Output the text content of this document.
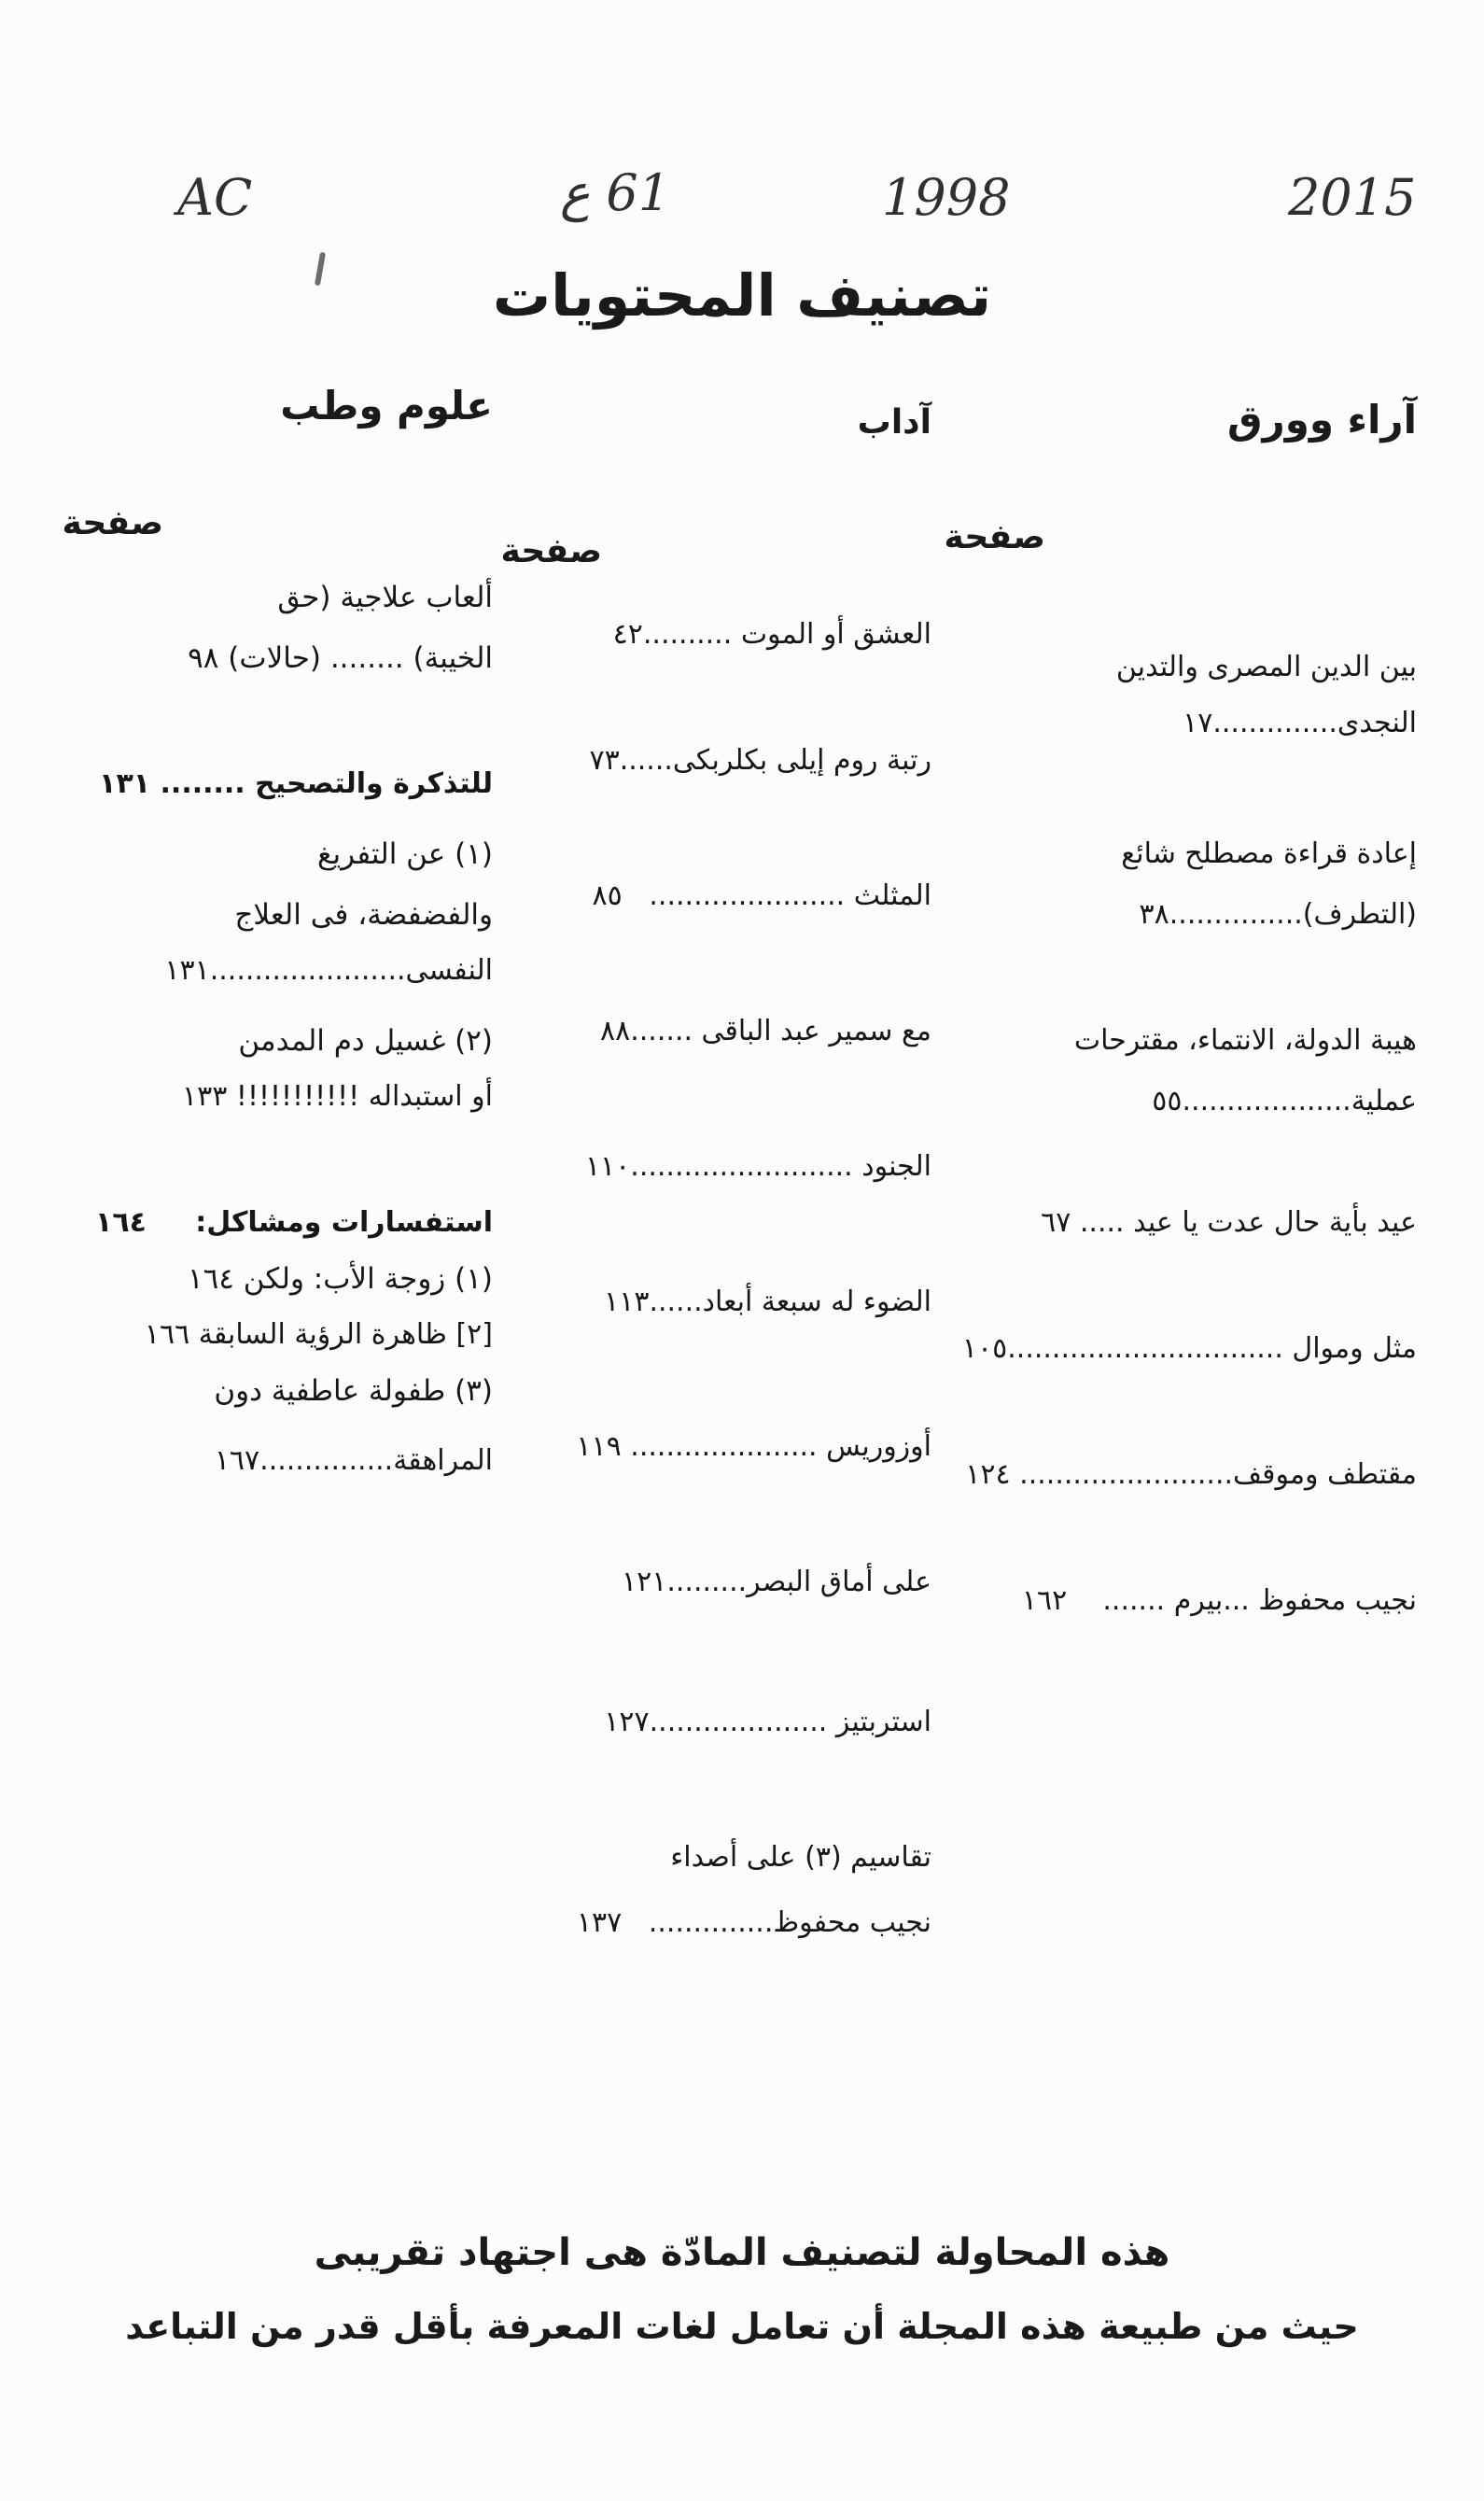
AC	61 ع	1998	2015
تصنيف المحتويات
آراء وورق
آداب
علوم وطب
صفحة
صفحة
صفحة
بين الدين المصرى والتدين
النجدى..............١٧
إعادة قراءة مصطلح شائع
(التطرف)...............٣٨
هيبة الدولة، الانتماء، مقترحات
عملية...................٥٥
عيد بأية حال عدت يا عيد ..... ٦٧
مثل وموال ...............................١٠٥
مقتطف وموقف........................ ١٢٤
نجيب محفوظ ...بيرم .......    ١٦٢
العشق أو الموت ..........٤٢
رتبة روم إيلى بكلربكى......٧٣
المثلث ......................   ٨٥
مع سمير عبد الباقى .......٨٨
الجنود .........................١١٠
الضوء له سبعة أبعاد......١١٣
أوزوريس ..................... ١١٩
على أماق البصر.........١٢١
استربتيز ....................١٢٧
تقاسيم (٣) على أصداء
نجيب محفوظ..............   ١٣٧
ألعاب علاجية (حق
الخيبة) ........ (حالات) ٩٨
للتذكرة والتصحيح ........ ١٣١
(١) عن التفريغ
والفضفضة، فى العلاج
النفسى......................١٣١
(٢) غسيل دم المدمن
أو استبداله !!!!!!!!!!! ١٣٣
استفسارات ومشاكل:     ١٦٤
(١) زوجة الأب: ولكن ١٦٤
[٢] ظاهرة الرؤية السابقة ١٦٦
(٣) طفولة عاطفية دون
المراهقة...............١٦٧
هذه المحاولة لتصنيف المادّة هى اجتهاد تقريبى
حيث من طبيعة هذه المجلة أن تعامل لغات المعرفة بأقل قدر من التباعد
